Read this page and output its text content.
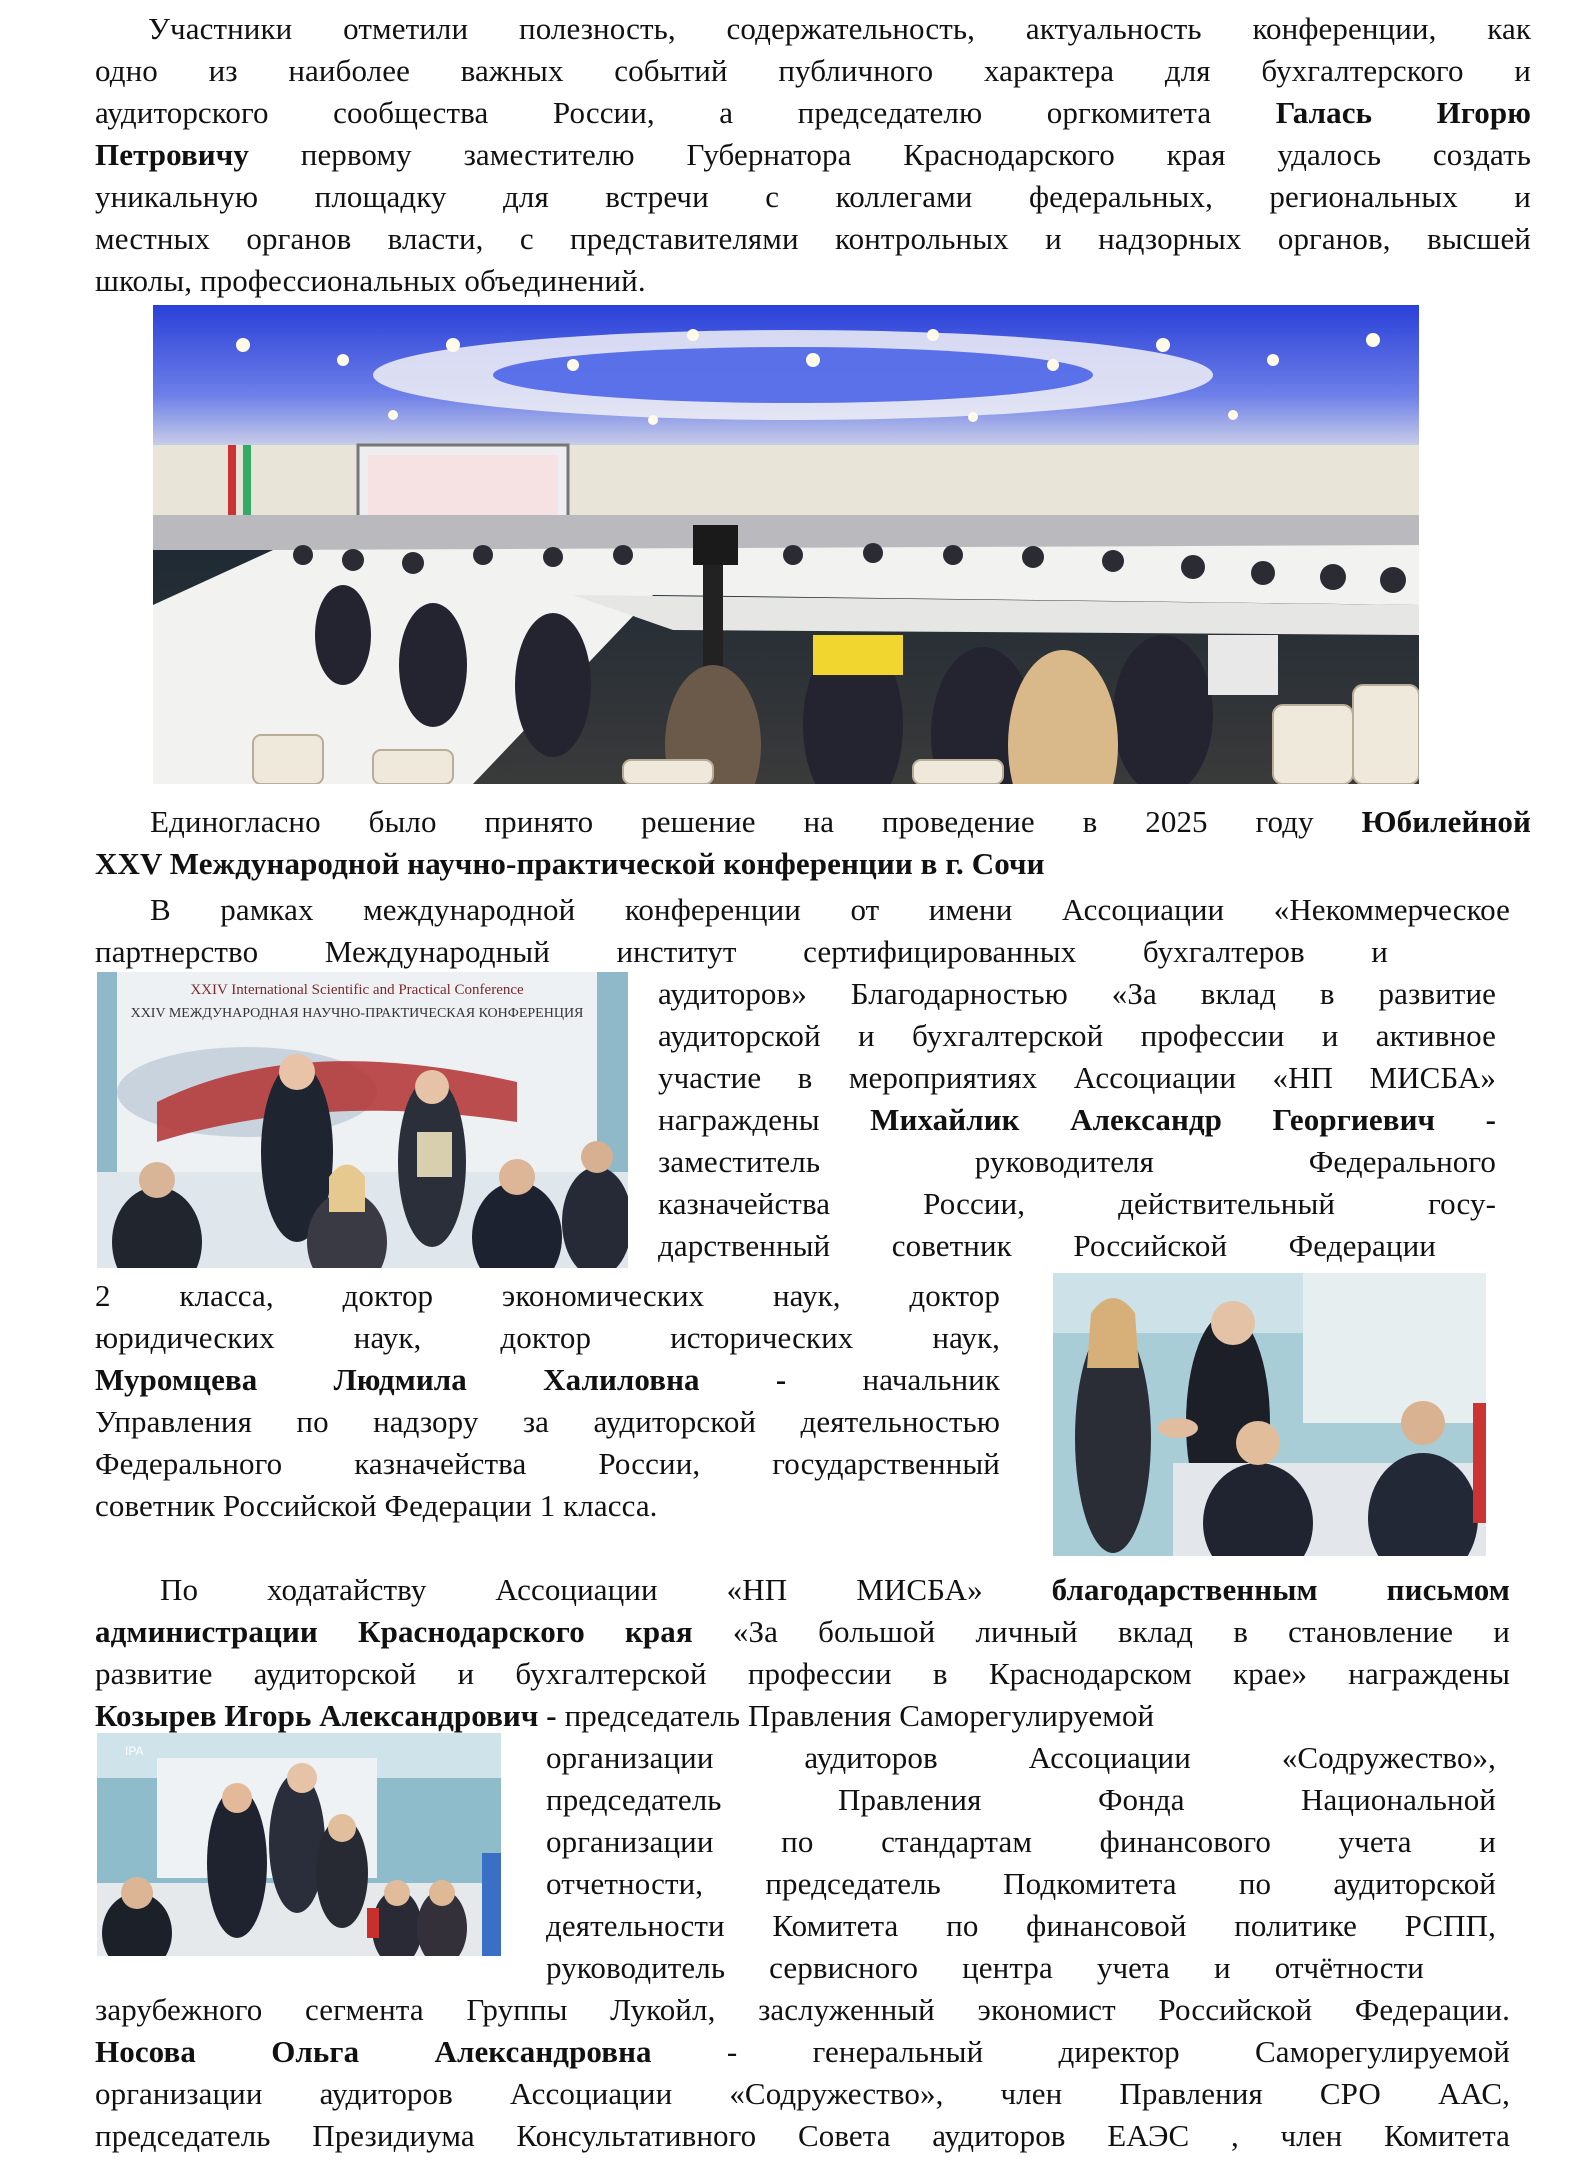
Участники отметили полезность, содержательность, актуальность конференции, как
одно из наиболее важных событий публичного характера для бухгалтерского и
аудиторского сообщества России, а председателю оргкомитета Галась Игорю
Петровичу первому заместителю Губернатора Краснодарского края удалось создать
уникальную площадку для встречи с коллегами федеральных, региональных и
местных органов власти, с представителями контрольных и надзорных органов, высшей
школы, профессиональных объединений.
Единогласно было принято решение на проведение в 2025 году Юбилейной
XXV Международной научно-практической конференции в г. Сочи
В рамках международной конференции от имени Ассоциации «Некоммерческое
партнерство Международный институт сертифицированных бухгалтеров и
XXIV International Scientific and Practical Conference
XXIV МЕЖДУНАРОДНАЯ НАУЧНО-ПРАКТИЧЕСКАЯ КОНФЕРЕНЦИЯ
аудиторов» Благодарностью «За вклад в развитие
аудиторской и бухгалтерской профессии и активное
участие в мероприятиях Ассоциации «НП МИСБА»
награждены Михайлик Александр Георгиевич -
заместитель руководителя Федерального
казначейства России, действительный госу-
дарственный советник Российской Федерации
2 класса, доктор экономических наук, доктор
юридических наук, доктор исторических наук,
Муромцева Людмила Халиловна - начальник
Управления по надзору за аудиторской деятельностью
Федерального казначейства России, государственный
советник Российской Федерации 1 класса.
По ходатайству Ассоциации «НП МИСБА» благодарственным письмом
администрации Краснодарского края «За большой личный вклад в становление и
развитие аудиторской и бухгалтерской профессии в Краснодарском крае» награждены
Козырев Игорь Александрович - председатель Правления Саморегулируемой
IPA	организации аудиторов Ассоциации «Содружество»,
председатель Правления Фонда Национальной
организации по стандартам финансового учета и
отчетности, председатель Подкомитета по аудиторской
деятельности Комитета по финансовой политике РСПП,
руководитель сервисного центра учета и отчётности
зарубежного сегмента Группы Лукойл, заслуженный экономист Российской Федерации.
Носова Ольга Александровна - генеральный директор Саморегулируемой
организации аудиторов Ассоциации «Содружество», член Правления СРО ААС,
председатель Президиума Консультативного Совета аудиторов ЕАЭС , член Комитета
